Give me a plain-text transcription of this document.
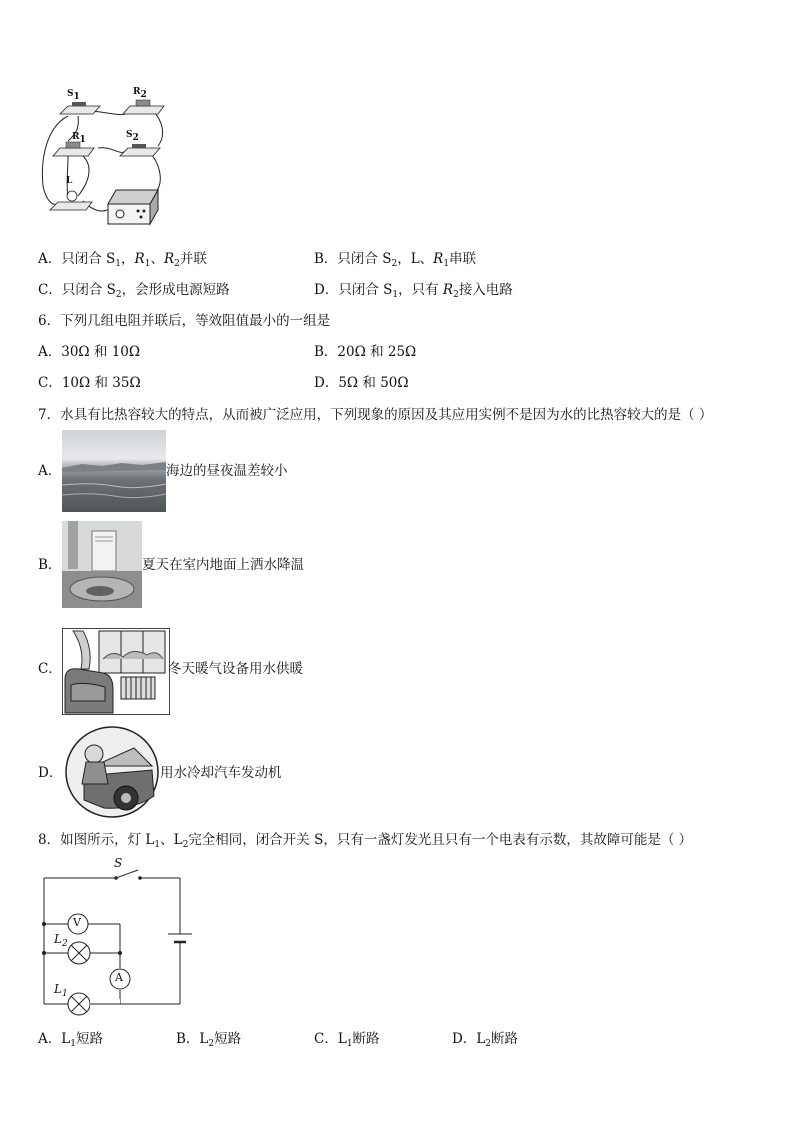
$S_1$	$R_2$
$R_1$	$S_2$
L
A．只闭合 $S_1$，$R_1$、$R_2$并联	B．只闭合 $S_2$，L、$R_1$串联
C．只闭合 $S_2$，会形成电源短路	D．只闭合 $S_1$，只有 $R_2$接入电路
6．下列几组电阻并联后，等效阻值最小的一组是
A．30Ω 和 10Ω	B．20Ω 和 25Ω
C．10Ω 和 35Ω	D．5Ω 和 50Ω
7．水具有比热容较大的特点，从而被广泛应用，下列现象的原因及其应用实例不是因为水的比热容较大的是（ ）
A．	海边的昼夜温差较小
B．	夏天在室内地面上洒水降温
C．	冬天暖气设备用水供暖
D．	用水冷却汽车发动机
8．如图所示，灯 $L_1$、$L_2$完全相同，闭合开关 S，只有一盏灯发光且只有一个电表有示数，其故障可能是（ ）
S
V
A
$L_2$
$L_1$
A．$L_1$短路	B．$L_2$短路	C．$L_1$断路	D．$L_2$断路
